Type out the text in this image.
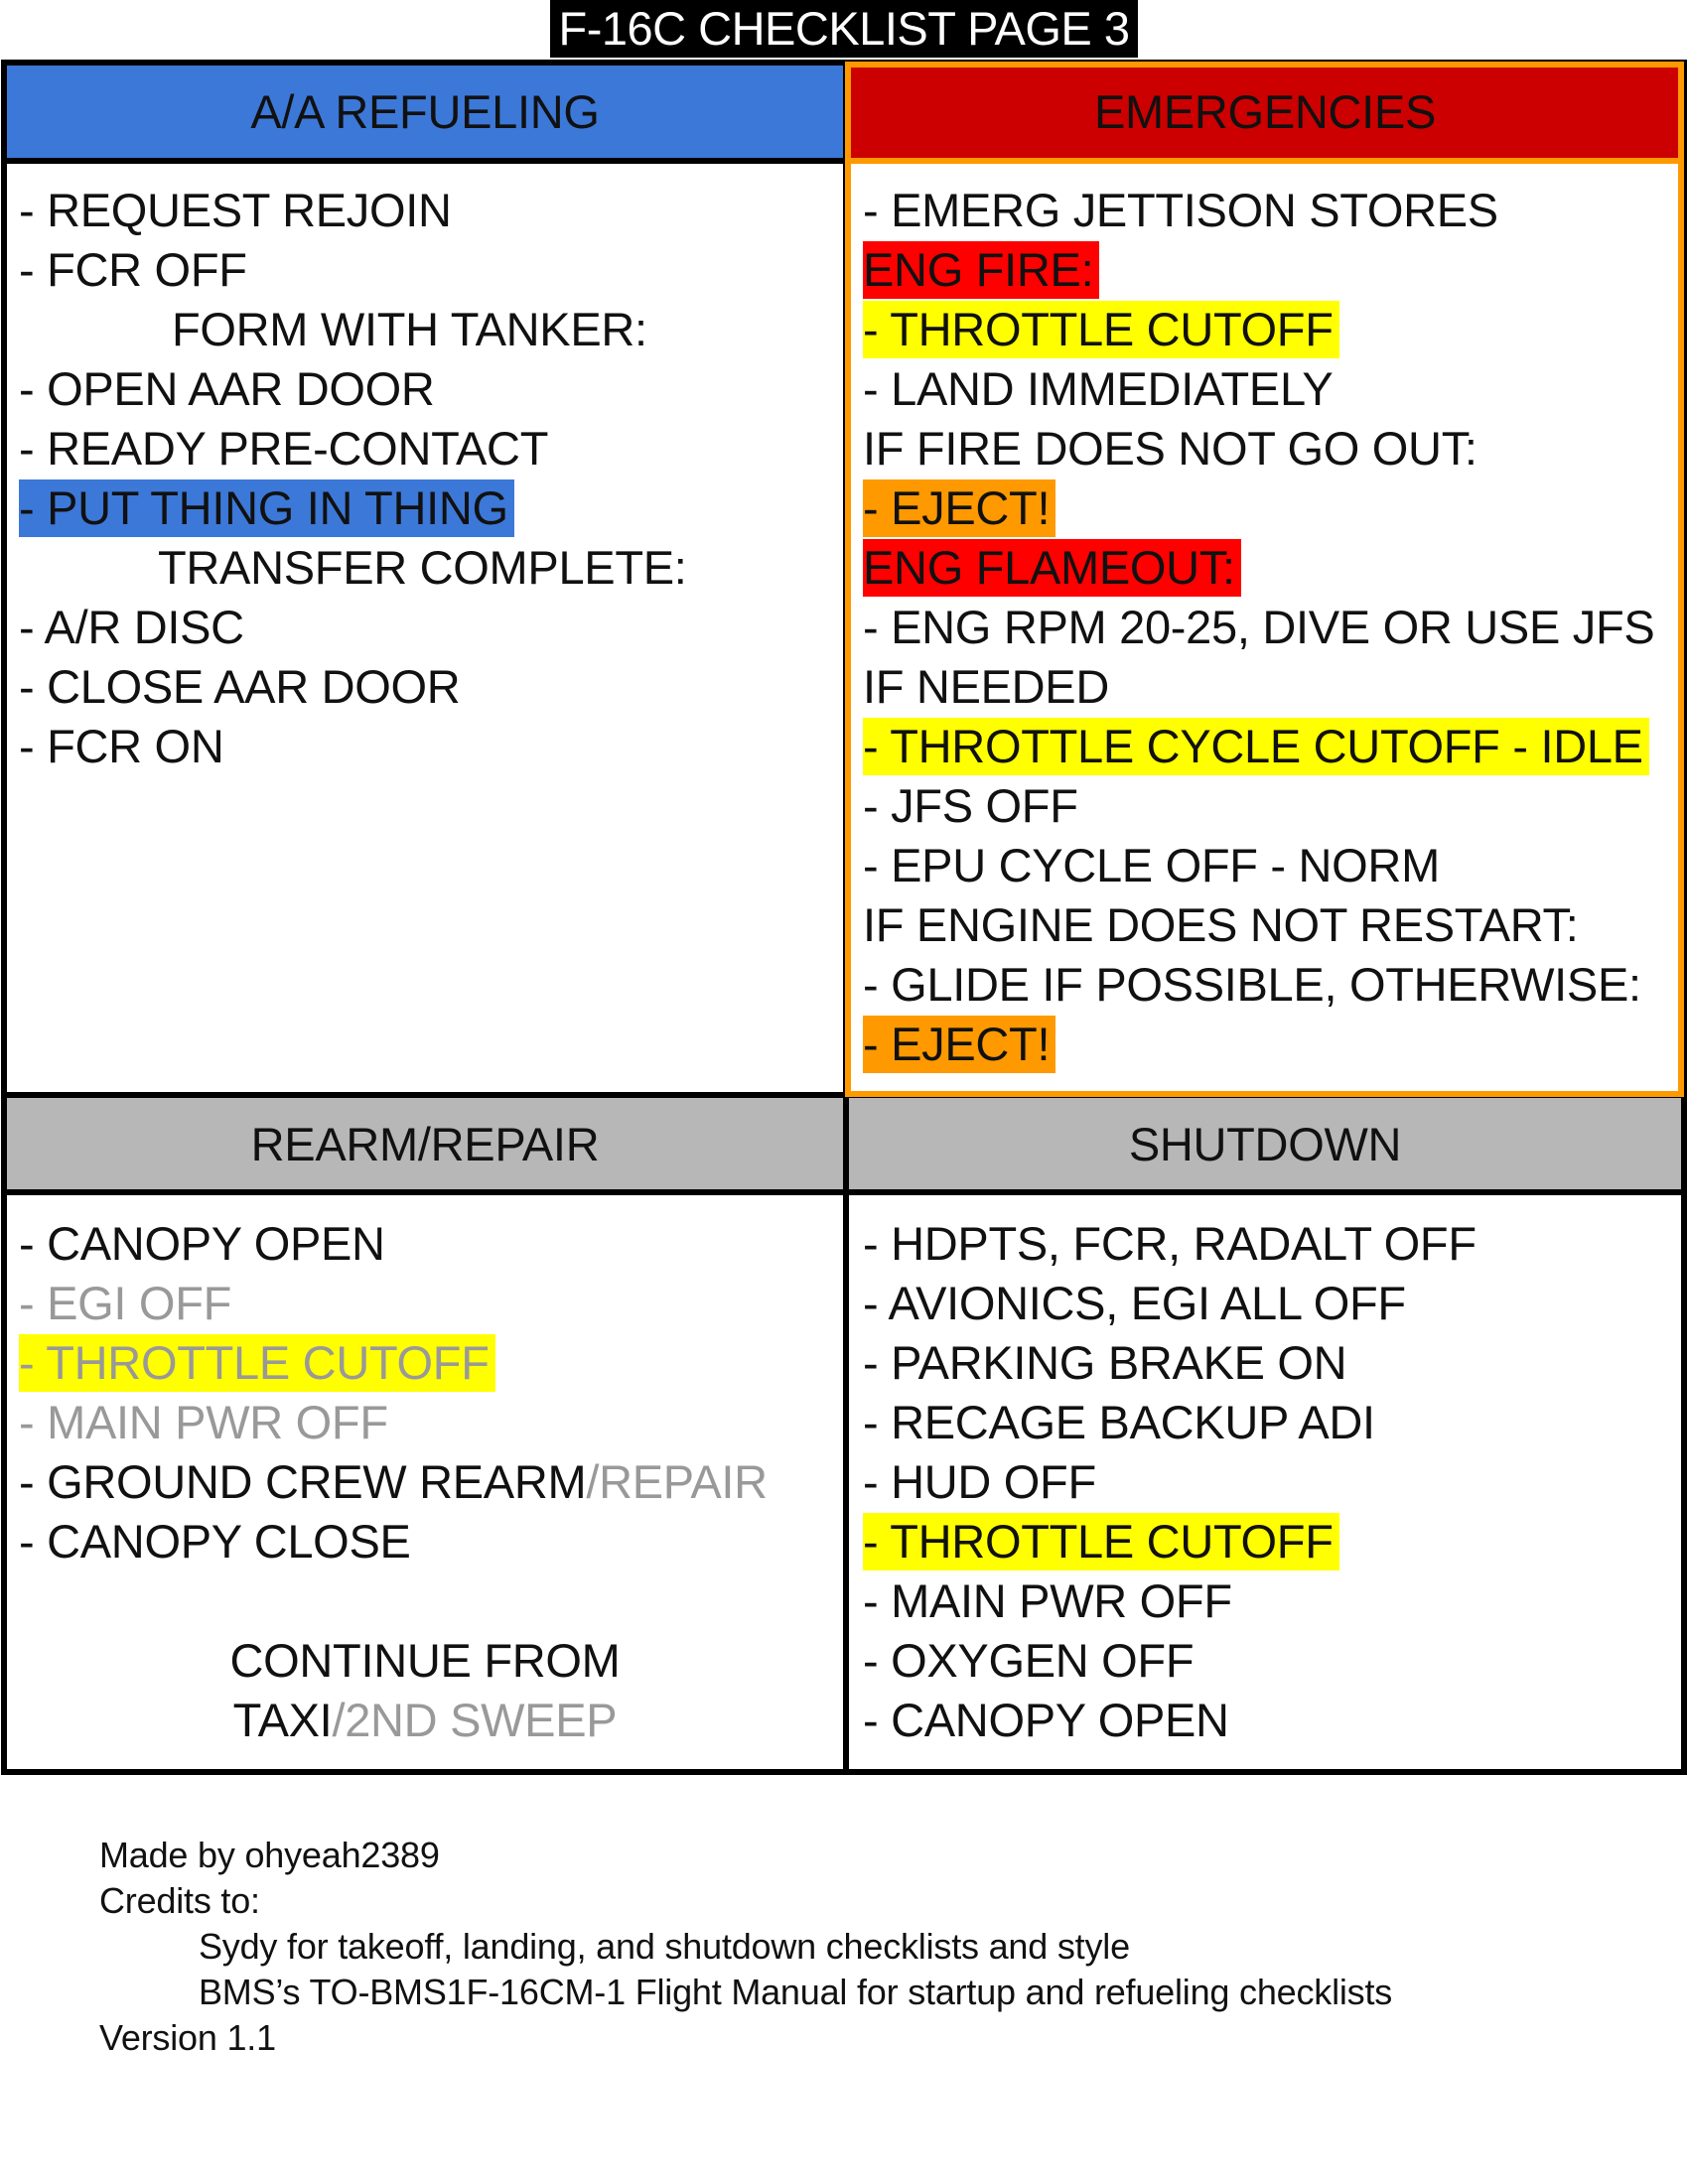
F-16C CHECKLIST PAGE 3
A/A REFUELING
- REQUEST REJOIN
- FCR OFF
FORM WITH TANKER:
- OPEN AAR DOOR
- READY PRE-CONTACT
- PUT THING IN THING
TRANSFER COMPLETE:
- A/R DISC
- CLOSE AAR DOOR
- FCR ON
EMERGENCIES
- EMERG JETTISON STORES
ENG FIRE:
- THROTTLE CUTOFF
- LAND IMMEDIATELY
IF FIRE DOES NOT GO OUT:
- EJECT!
ENG FLAMEOUT:
- ENG RPM 20-25, DIVE OR USE JFS
IF NEEDED
- THROTTLE CYCLE CUTOFF - IDLE
- JFS OFF
- EPU CYCLE OFF - NORM
IF ENGINE DOES NOT RESTART:
- GLIDE IF POSSIBLE, OTHERWISE:
- EJECT!
REARM/REPAIR
- CANOPY OPEN
- EGI OFF
- THROTTLE CUTOFF
- MAIN PWR OFF
- GROUND CREW REARM/REPAIR
- CANOPY CLOSE
CONTINUE FROM
TAXI/2ND SWEEP
SHUTDOWN
- HDPTS, FCR, RADALT OFF
- AVIONICS, EGI ALL OFF
- PARKING BRAKE ON
- RECAGE BACKUP ADI
- HUD OFF
- THROTTLE CUTOFF
- MAIN PWR OFF
- OXYGEN OFF
- CANOPY OPEN
Made by ohyeah2389
Credits to:
Sydy for takeoff, landing, and shutdown checklists and style
BMS’s TO-BMS1F-16CM-1 Flight Manual for startup and refueling checklists
Version 1.1
